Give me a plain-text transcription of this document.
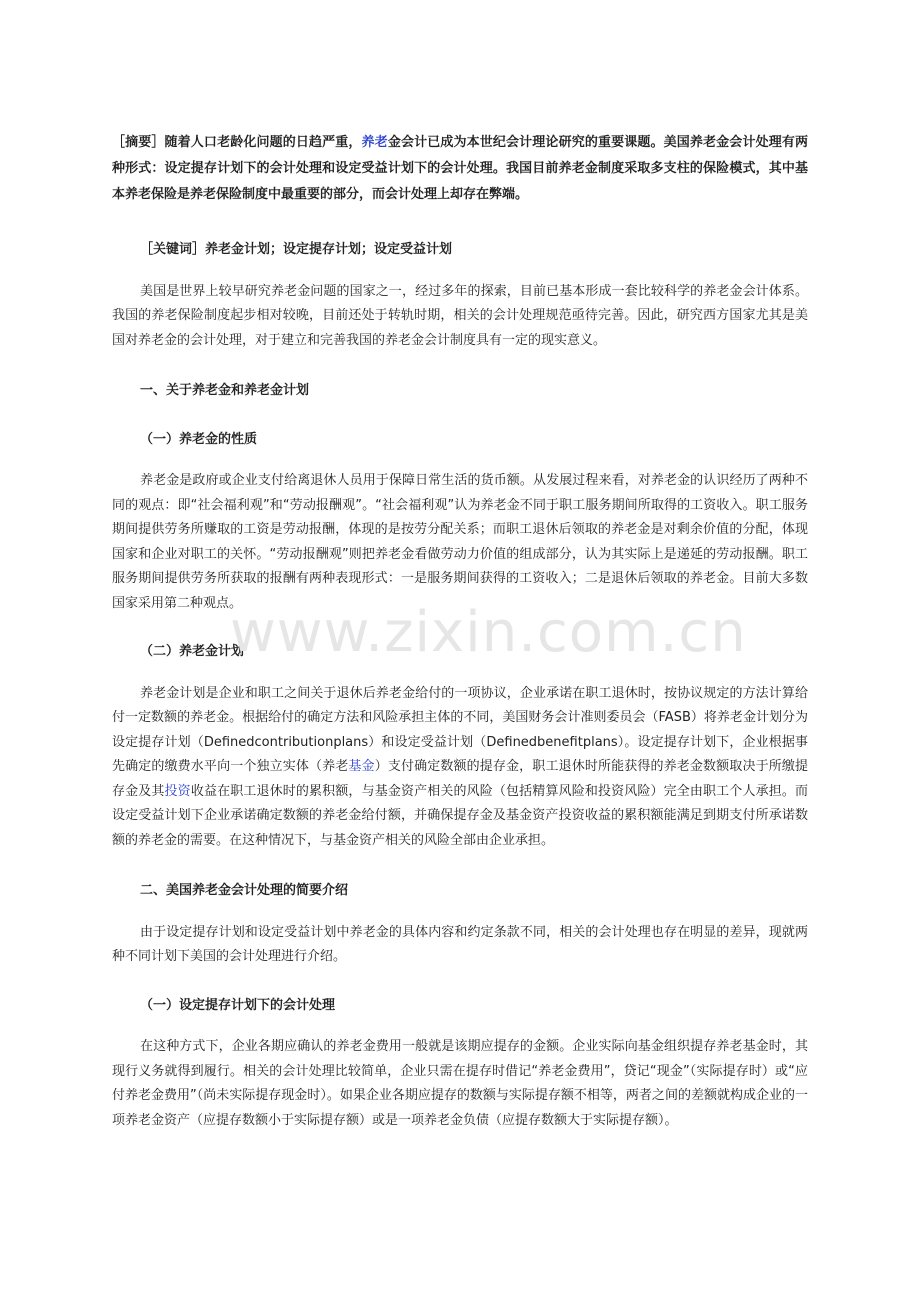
［摘要］随着人口老龄化问题的日趋严重，养老金会计已成为本世纪会计理论研究的重要课题。美国养老金会计处理有两种形式：设定提存计划下的会计处理和设定受益计划下的会计处理。我国目前养老金制度采取多支柱的保险模式，其中基本养老保险是养老保险制度中最重要的部分，而会计处理上却存在弊端。

［关键词］养老金计划；设定提存计划；设定受益计划

美国是世界上较早研究养老金问题的国家之一，经过多年的探索，目前已基本形成一套比较科学的养老金会计体系。我国的养老保险制度起步相对较晚，目前还处于转轨时期，相关的会计处理规范亟待完善。因此，研究西方国家尤其是美国对养老金的会计处理，对于建立和完善我国的养老金会计制度具有一定的现实意义。

一、关于养老金和养老金计划

（一）养老金的性质

养老金是政府或企业支付给离退休人员用于保障日常生活的货币额。从发展过程来看，对养老金的认识经历了两种不同的观点：即“社会福利观”和“劳动报酬观”。“社会福利观”认为养老金不同于职工服务期间所取得的工资收入。职工服务期间提供劳务所赚取的工资是劳动报酬，体现的是按劳分配关系；而职工退休后领取的养老金是对剩余价值的分配，体现国家和企业对职工的关怀。“劳动报酬观”则把养老金看做劳动力价值的组成部分，认为其实际上是递延的劳动报酬。职工服务期间提供劳务所获取的报酬有两种表现形式：一是服务期间获得的工资收入；二是退休后领取的养老金。目前大多数国家采用第二种观点。

（二）养老金计划

养老金计划是企业和职工之间关于退休后养老金给付的一项协议，企业承诺在职工退休时，按协议规定的方法计算给付一定数额的养老金。根据给付的确定方法和风险承担主体的不同，美国财务会计准则委员会（FASB）将养老金计划分为设定提存计划（Definedcontributionplans）和设定受益计划（Definedbenefitplans）。设定提存计划下，企业根据事先确定的缴费水平向一个独立实体（养老基金）支付确定数额的提存金，职工退休时所能获得的养老金数额取决于所缴提存金及其投资收益在职工退休时的累积额，与基金资产相关的风险（包括精算风险和投资风险）完全由职工个人承担。而设定受益计划下企业承诺确定数额的养老金给付额，并确保提存金及基金资产投资收益的累积额能满足到期支付所承诺数额的养老金的需要。在这种情况下，与基金资产相关的风险全部由企业承担。

二、美国养老金会计处理的简要介绍

由于设定提存计划和设定受益计划中养老金的具体内容和约定条款不同，相关的会计处理也存在明显的差异，现就两种不同计划下美国的会计处理进行介绍。

（一）设定提存计划下的会计处理

在这种方式下，企业各期应确认的养老金费用一般就是该期应提存的金额。企业实际向基金组织提存养老基金时，其现行义务就得到履行。相关的会计处理比较简单，企业只需在提存时借记“养老金费用”，贷记“现金”（实际提存时）或“应付养老金费用”（尚未实际提存现金时）。如果企业各期应提存的数额与实际提存额不相等，两者之间的差额就构成企业的一项养老金资产（应提存数额小于实际提存额）或是一项养老金负债（应提存数额大于实际提存额）。

www.zixin.com.cn
